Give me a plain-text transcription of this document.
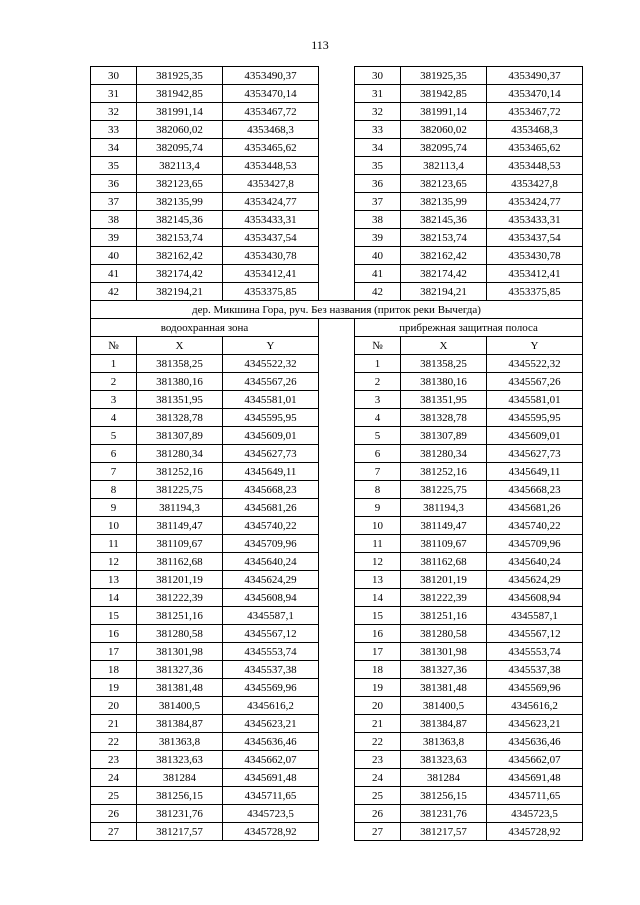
113
30	381925,35	4353490,37		30	381925,35	4353490,37
31	381942,85	4353470,14		31	381942,85	4353470,14
32	381991,14	4353467,72		32	381991,14	4353467,72
33	382060,02	4353468,3		33	382060,02	4353468,3
34	382095,74	4353465,62		34	382095,74	4353465,62
35	382113,4	4353448,53		35	382113,4	4353448,53
36	382123,65	4353427,8		36	382123,65	4353427,8
37	382135,99	4353424,77		37	382135,99	4353424,77
38	382145,36	4353433,31		38	382145,36	4353433,31
39	382153,74	4353437,54		39	382153,74	4353437,54
40	382162,42	4353430,78		40	382162,42	4353430,78
41	382174,42	4353412,41		41	382174,42	4353412,41
42	382194,21	4353375,85		42	382194,21	4353375,85
дер. Микшина Гора, руч. Без названия (приток реки Вычегда)						
водоохранная зона				прибрежная защитная полоса		
№	X	Y		№	X	Y
1	381358,25	4345522,32		1	381358,25	4345522,32
2	381380,16	4345567,26		2	381380,16	4345567,26
3	381351,95	4345581,01		3	381351,95	4345581,01
4	381328,78	4345595,95		4	381328,78	4345595,95
5	381307,89	4345609,01		5	381307,89	4345609,01
6	381280,34	4345627,73		6	381280,34	4345627,73
7	381252,16	4345649,11		7	381252,16	4345649,11
8	381225,75	4345668,23		8	381225,75	4345668,23
9	381194,3	4345681,26		9	381194,3	4345681,26
10	381149,47	4345740,22		10	381149,47	4345740,22
11	381109,67	4345709,96		11	381109,67	4345709,96
12	381162,68	4345640,24		12	381162,68	4345640,24
13	381201,19	4345624,29		13	381201,19	4345624,29
14	381222,39	4345608,94		14	381222,39	4345608,94
15	381251,16	4345587,1		15	381251,16	4345587,1
16	381280,58	4345567,12		16	381280,58	4345567,12
17	381301,98	4345553,74		17	381301,98	4345553,74
18	381327,36	4345537,38		18	381327,36	4345537,38
19	381381,48	4345569,96		19	381381,48	4345569,96
20	381400,5	4345616,2		20	381400,5	4345616,2
21	381384,87	4345623,21		21	381384,87	4345623,21
22	381363,8	4345636,46		22	381363,8	4345636,46
23	381323,63	4345662,07		23	381323,63	4345662,07
24	381284	4345691,48		24	381284	4345691,48
25	381256,15	4345711,65		25	381256,15	4345711,65
26	381231,76	4345723,5		26	381231,76	4345723,5
27	381217,57	4345728,92		27	381217,57	4345728,92
